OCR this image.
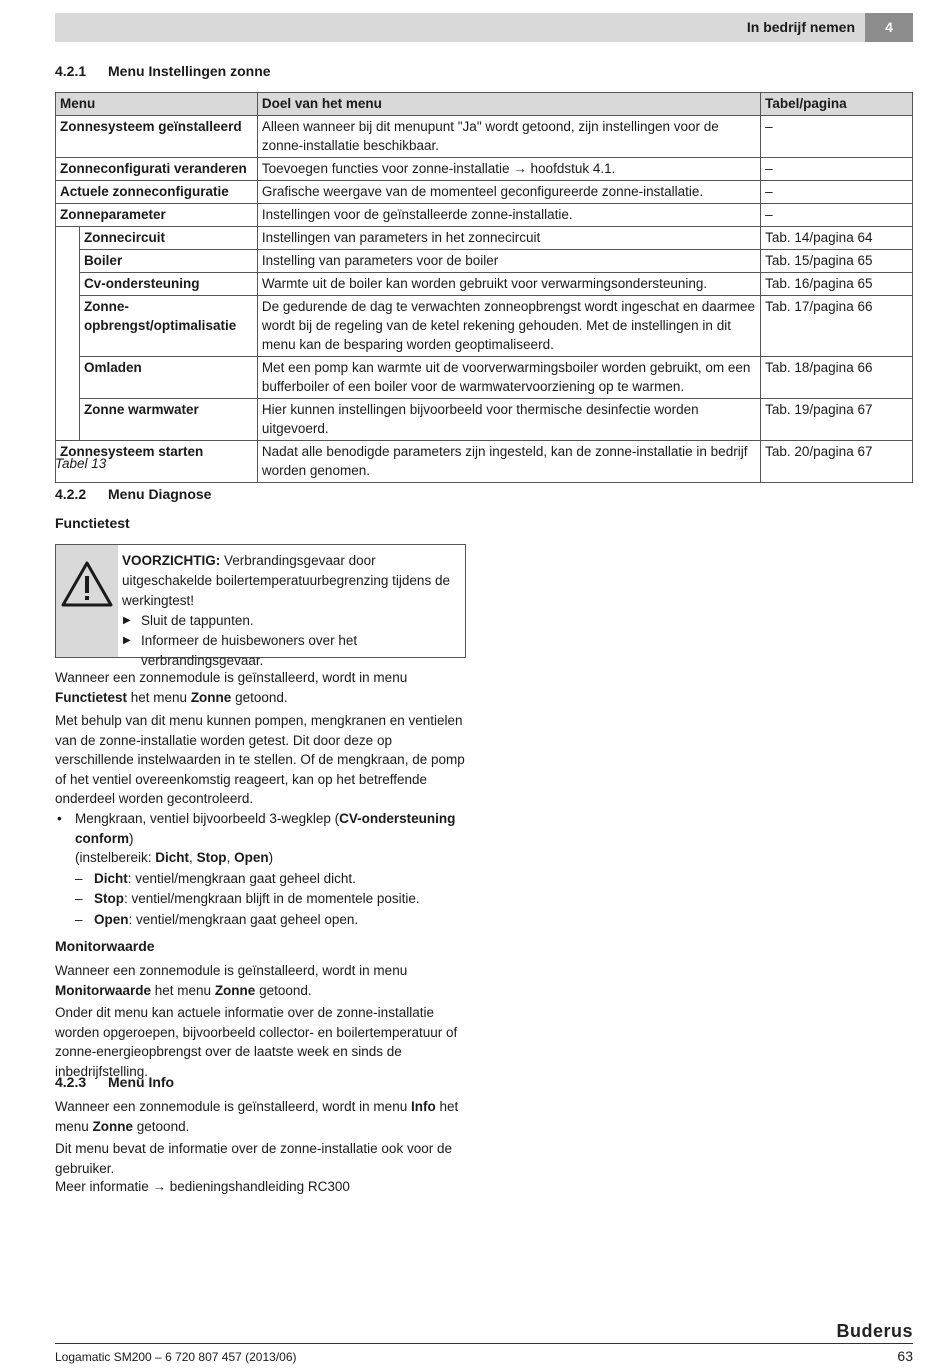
In bedrijf nemen	4
4.2.1 Menu Instellingen zonne
Menu		Doel van het menu	Tabel/pagina
Zonnesysteem geïnstalleerd		Alleen wanneer bij dit menupunt "Ja" wordt getoond, zijn instellingen voor de zonne-installatie beschikbaar.	–
Zonneconfigurati veranderen		Toevoegen functies voor zonne-installatie → hoofdstuk 4.1.	–
Actuele zonneconfiguratie		Grafische weergave van de momenteel geconfigureerde zonne-installatie.	–
Zonneparameter		Instellingen voor de geïnstalleerde zonne-installatie.	–
	Zonnecircuit	Instellingen van parameters in het zonnecircuit	Tab. 14/pagina 64
	Boiler	Instelling van parameters voor de boiler	Tab. 15/pagina 65
	Cv-ondersteuning	Warmte uit de boiler kan worden gebruikt voor verwarmingsondersteuning.	Tab. 16/pagina 65
	Zonne-opbrengst/optimalisatie	De gedurende de dag te verwachten zonneopbrengst wordt ingeschat en daarmee wordt bij de regeling van de ketel rekening gehouden. Met de instellingen in dit menu kan de besparing worden geoptimaliseerd.	Tab. 17/pagina 66
	Omladen	Met een pomp kan warmte uit de voorverwarmingsboiler worden gebruikt, om een bufferboiler of een boiler voor de warmwatervoorziening op te warmen.	Tab. 18/pagina 66
	Zonne warmwater	Hier kunnen instellingen bijvoorbeeld voor thermische desinfectie worden uitgevoerd.	Tab. 19/pagina 67
Zonnesysteem starten		Nadat alle benodigde parameters zijn ingesteld, kan de zonne-installatie in bedrijf worden genomen.	Tab. 20/pagina 67
Tabel 13
4.2.2 Menu Diagnose
Functietest
VOORZICHTIG: Verbrandingsgevaar door uitgeschakelde boilertemperatuurbegrenzing tijdens de werkingtest!
▶ Sluit de tappunten.
▶ Informeer de huisbewoners over het verbrandingsgevaar.
Wanneer een zonnemodule is geïnstalleerd, wordt in menu Functietest het menu Zonne getoond.
Met behulp van dit menu kunnen pompen, mengkranen en ventielen van de zonne-installatie worden getest. Dit door deze op verschillende instelwaarden in te stellen. Of de mengkraan, de pomp of het ventiel overeenkomstig reageert, kan op het betreffende onderdeel worden gecontroleerd.
• Mengkraan, ventiel bijvoorbeeld 3-wegklep (CV-ondersteuning conform)
(instelbereik: Dicht, Stop, Open)
– Dicht: ventiel/mengkraan gaat geheel dicht.
– Stop: ventiel/mengkraan blijft in de momentele positie.
– Open: ventiel/mengkraan gaat geheel open.
Monitorwaarde
Wanneer een zonnemodule is geïnstalleerd, wordt in menu Monitorwaarde het menu Zonne getoond.
Onder dit menu kan actuele informatie over de zonne-installatie worden opgeroepen, bijvoorbeeld collector- en boilertemperatuur of zonne-energieopbrengst over de laatste week en sinds de inbedrijfstelling.
4.2.3 Menu Info
Wanneer een zonnemodule is geïnstalleerd, wordt in menu Info het menu Zonne getoond.
Dit menu bevat de informatie over de zonne-installatie ook voor de gebruiker.
Meer informatie → bedieningshandleiding RC300
Buderus
Logamatic SM200 – 6 720 807 457 (2013/06)	63
